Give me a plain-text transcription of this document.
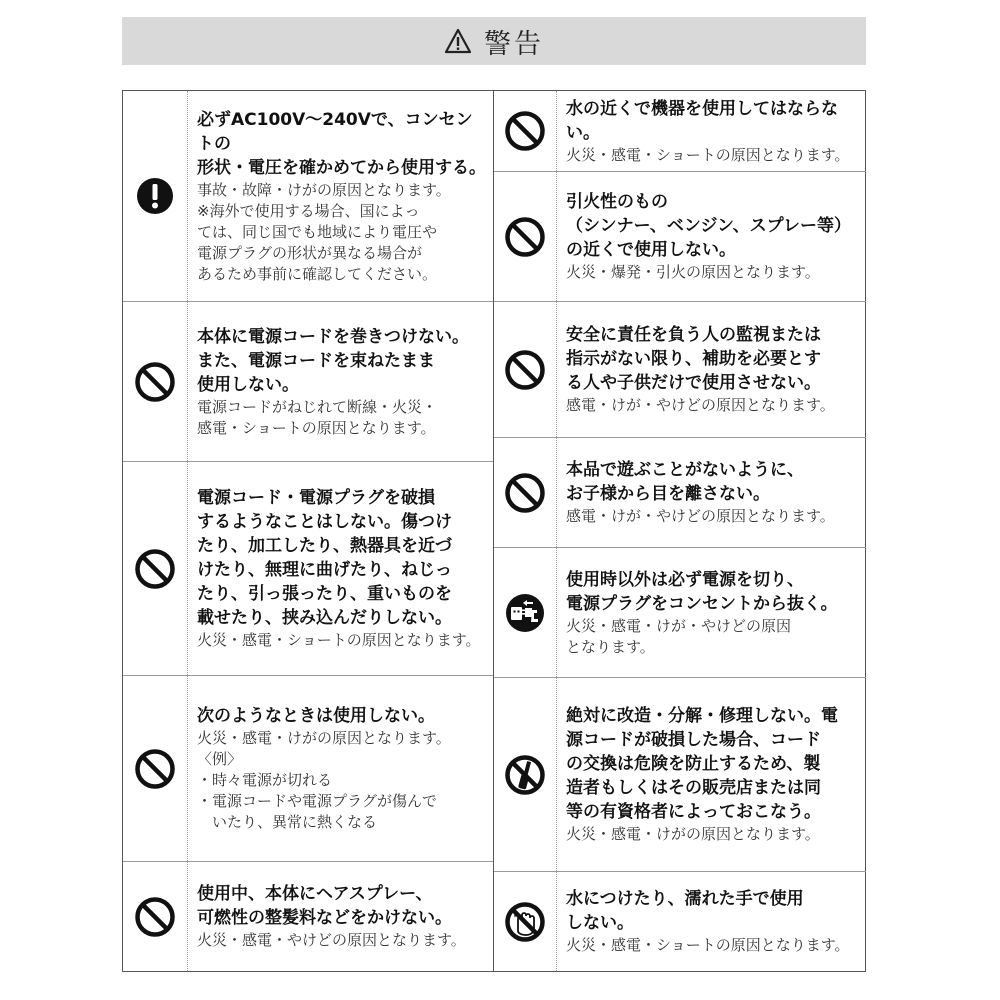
警告
必ずAC100V～240Vで、コンセントの
形状・電圧を確かめてから使用する。
事故・故障・けがの原因となります。
※海外で使用する場合、国によっ
ては、同じ国でも地域により電圧や
電源プラグの形状が異なる場合が
あるため事前に確認してください。
本体に電源コードを巻きつけない。
また、電源コードを束ねたまま
使用しない。
電源コードがねじれて断線・火災・
感電・ショートの原因となります。
電源コード・電源プラグを破損
するようなことはしない。傷つけ
たり、加工したり、熱器具を近づ
けたり、無理に曲げたり、ねじっ
たり、引っ張ったり、重いものを
載せたり、挟み込んだりしない。
火災・感電・ショートの原因となります。
次のようなときは使用しない。
火災・感電・けがの原因となります。
〈例〉
・時々電源が切れる
・電源コードや電源プラグが傷んで
　いたり、異常に熱くなる
使用中、本体にヘアスプレー、
可燃性の整髪料などをかけない。
火災・感電・やけどの原因となります。
水の近くで機器を使用してはならない。
火災・感電・ショートの原因となります。
引火性のもの
（シンナー、ベンジン、スプレー等）
の近くで使用しない。
火災・爆発・引火の原因となります。
安全に責任を負う人の監視または
指示がない限り、補助を必要とす
る人や子供だけで使用させない。
感電・けが・やけどの原因となります。
本品で遊ぶことがないように、
お子様から目を離さない。
感電・けが・やけどの原因となります。
使用時以外は必ず電源を切り、
電源プラグをコンセントから抜く。
火災・感電・けが・やけどの原因
となります。
絶対に改造・分解・修理しない。電
源コードが破損した場合、コード
の交換は危険を防止するため、製
造者もしくはその販売店または同
等の有資格者によっておこなう。
火災・感電・けがの原因となります。
水につけたり、濡れた手で使用
しない。
火災・感電・ショートの原因となります。
